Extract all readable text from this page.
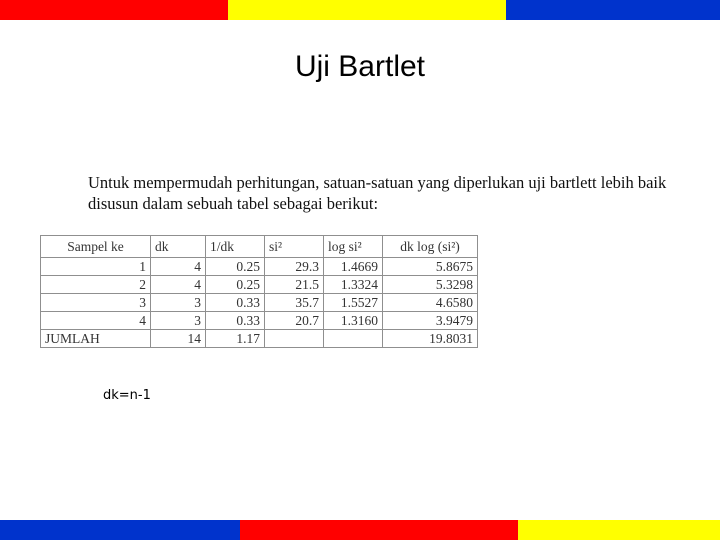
Uji Bartlet
Untuk mempermudah perhitungan, satuan-satuan yang diperlukan uji bartlett lebih baik disusun dalam sebuah tabel sebagai berikut:
Sampel ke	dk	1/dk	si²	log si²	dk log (si²)
1	4	0.25	29.3	1.4669	5.8675
2	4	0.25	21.5	1.3324	5.3298
3	3	0.33	35.7	1.5527	4.6580
4	3	0.33	20.7	1.3160	3.9479
JUMLAH	14	1.17			19.8031
dk=n-1
